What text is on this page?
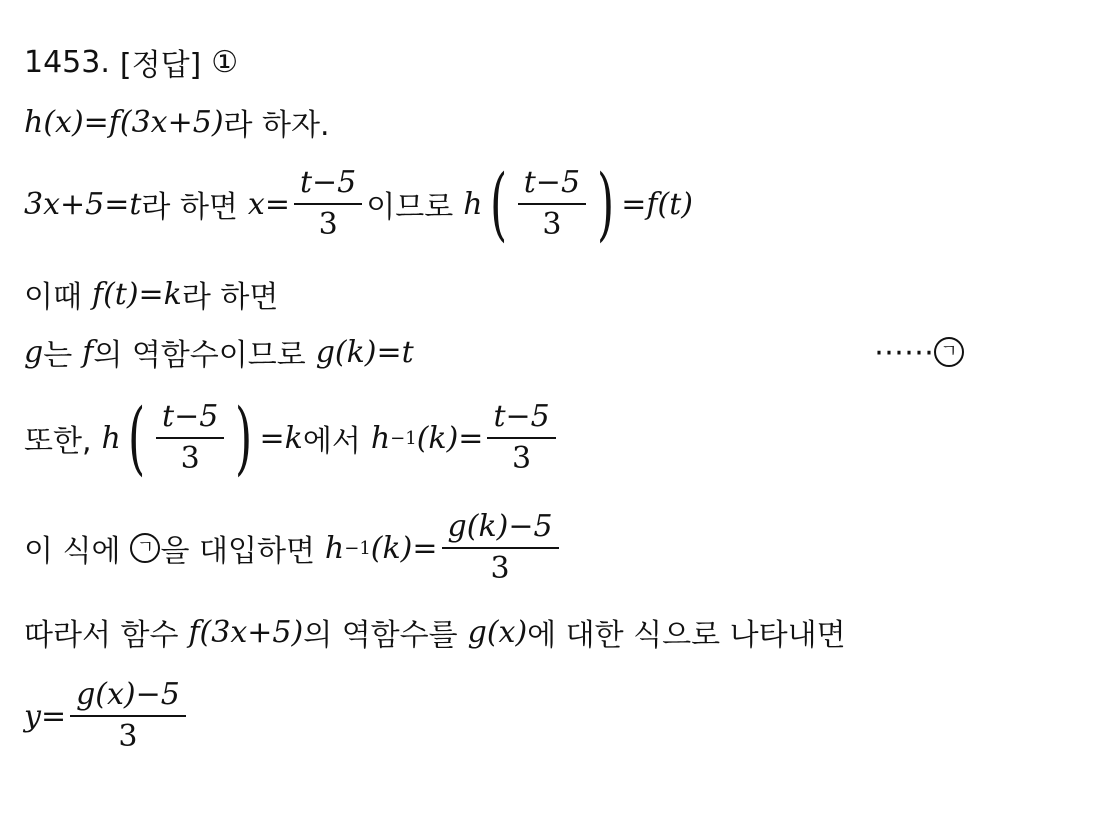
1453. [정답] ①
h(x)=f(3x+5) 라 하자.
3x+5=t 라 하면 $x= \frac{t-5}{3}$ 이므로 h ( $\frac{t-5}{3}$ ) =f(t)
이때 f(t)=k 라 하면
g 는 f 의 역함수이므로 g(k)=t	⋯⋯ ㄱ
또한, h ( $\frac{t-5}{3}$ ) =k 에서 h −1 $(k)= \frac{t-5}{3}$
이 식에 ㄱ 을 대입하면 h −1 $(k)= \frac{g(k)-5}{3}$
따라서 함수 f(3x+5) 의 역함수를 g(x) 에 대한 식으로 나타내면
$y= \frac{g(x)-5}{3}$
